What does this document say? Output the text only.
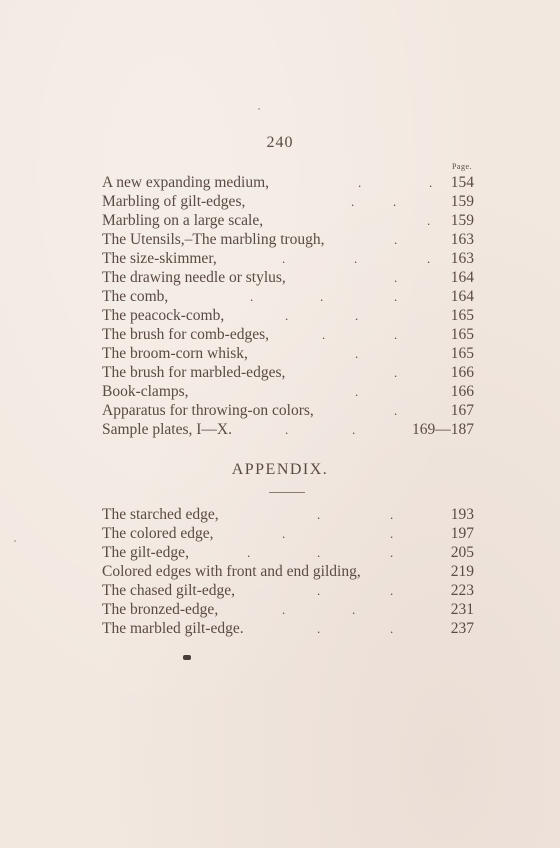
240
Page.
A new expanding medium,	.	. 154
Marbling of gilt-edges,	.	.	159
Marbling on a large scale,	. 159
The Utensils,–The marbling trough,	.	163
The size-skimmer,	.	.	. 163
The drawing needle or stylus,	.	164
The comb,	.	.	.	164
The peacock-comb,	.	.	165
The brush for comb-edges,	.	.	165
The broom-corn whisk,	.	165
The brush for marbled-edges,	.	166
Book-clamps,	.	166
Apparatus for throwing-on colors,	.	167
Sample plates, I—X.	.	.	169—187
APPENDIX.
The starched edge,	.	.	193
The colored edge,	.	.	197
The gilt-edge,	.	.	.	205
Colored edges with front and end gilding,	219
The chased gilt-edge,	.	.	223
The bronzed-edge,	.	.	231
The marbled gilt-edge.	.	.	237
